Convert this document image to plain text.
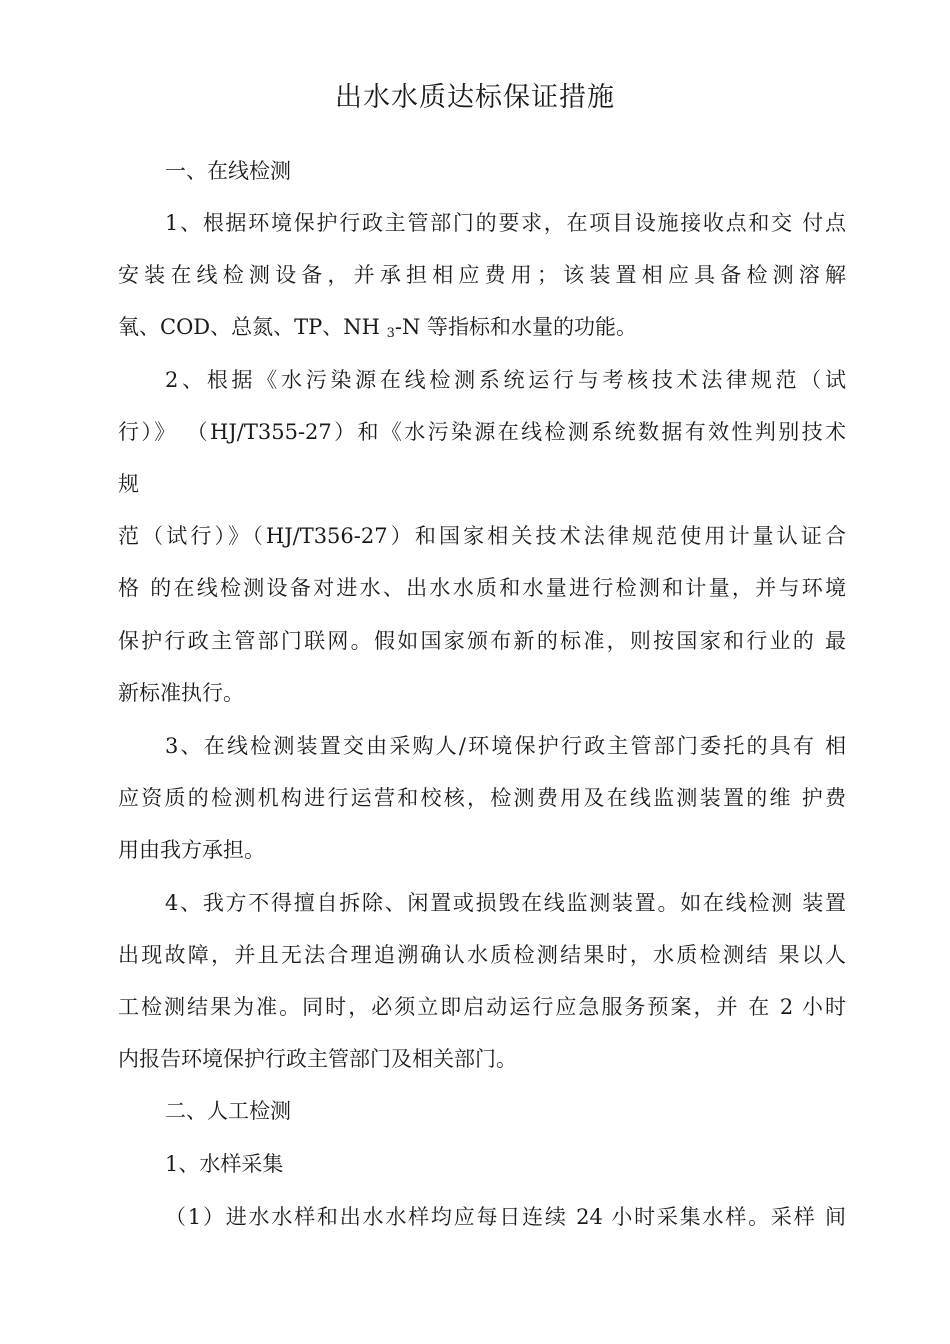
出水水质达标保证措施
一、在线检测
1、根据环境保护行政主管部门的要求，在项目设施接收点和交 付点
安装在线检测设备，并承担相应费用；该装置相应具备检测溶解
氧、COD、总氮、TP、NH $_3$-N 等指标和水量的功能。
2、根据《水污染源在线检测系统运行与考核技术法律规范（试
行）》 （HJ/T355-27）和《水污染源在线检测系统数据有效性判别技术
规
范（试行）》（HJ/T356-27）和国家相关技术法律规范使用计量认证合
格 的在线检测设备对进水、出水水质和水量进行检测和计量，并与环境
保护行政主管部门联网。假如国家颁布新的标准，则按国家和行业的 最
新标准执行。
3、在线检测装置交由采购人/环境保护行政主管部门委托的具有 相
应资质的检测机构进行运营和校核，检测费用及在线监测装置的维 护费
用由我方承担。
4、我方不得擅自拆除、闲置或损毁在线监测装置。如在线检测 装置
出现故障，并且无法合理追溯确认水质检测结果时，水质检测结 果以人
工检测结果为准。同时，必须立即启动运行应急服务预案，并 在 2 小时
内报告环境保护行政主管部门及相关部门。
二、人工检测
1、水样采集
（1）进水水样和出水水样均应每日连续 24 小时采集水样。采样 间
